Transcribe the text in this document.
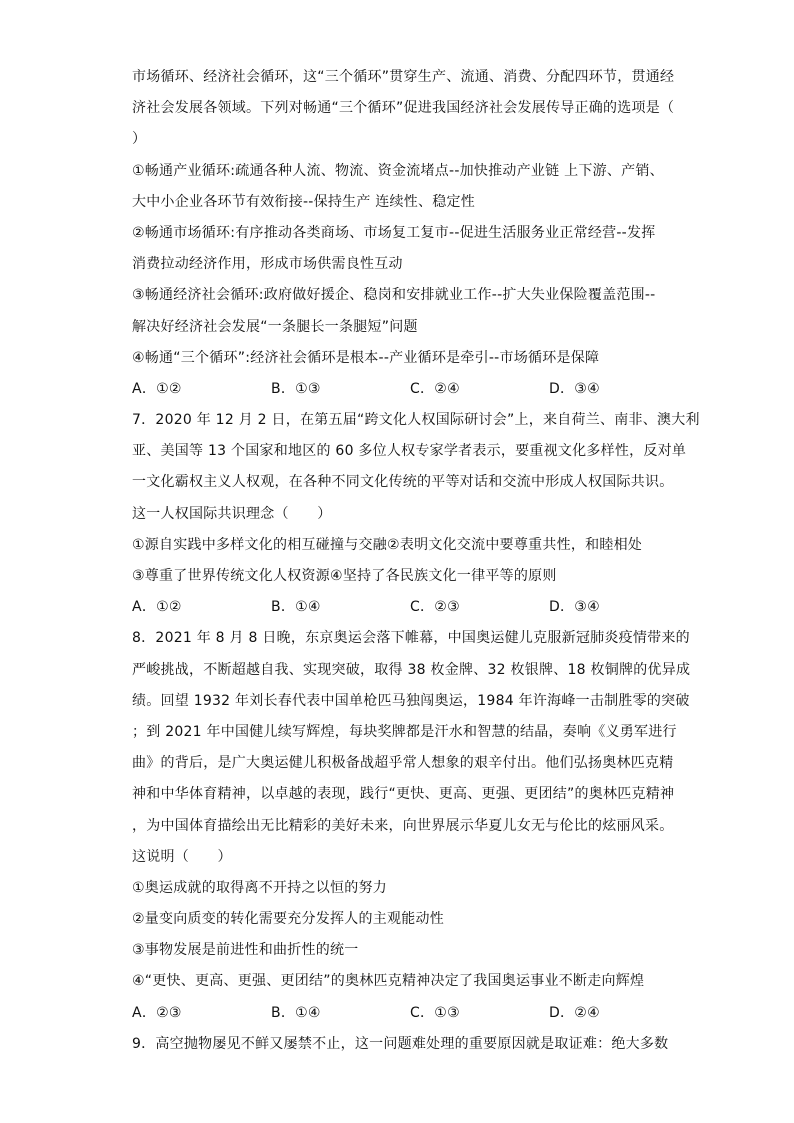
市场循环、经济社会循环，这“三个循环”贯穿生产、流通、消费、分配四环节，贯通经
济社会发展各领域。下列对畅通“三个循环”促进我国经济社会发展传导正确的选项是（
）
①畅通产业循环:疏通各种人流、物流、资金流堵点--加快推动产业链 上下游、产销、
大中小企业各环节有效衔接--保持生产 连续性、稳定性
②畅通市场循环:有序推动各类商场、市场复工复市--促进生活服务业正常经营--发挥
消费拉动经济作用，形成市场供需良性互动
③畅通经济社会循环:政府做好援企、稳岗和安排就业工作--扩大失业保险覆盖范围--
解决好经济社会发展“一条腿长一条腿短”问题
④畅通“三个循环”:经济社会循环是根本--产业循环是牵引--市场循环是保障
A．①②	B．①③	C．②④	D．③④
7．2020 年 12 月 2 日，在第五届“跨文化人权国际研讨会”上，来自荷兰、南非、澳大利
亚、美国等 13 个国家和地区的 60 多位人权专家学者表示，要重视文化多样性，反对单
一文化霸权主义人权观，在各种不同文化传统的平等对话和交流中形成人权国际共识。
这一人权国际共识理念（　　）
①源自实践中多样文化的相互碰撞与交融②表明文化交流中要尊重共性，和睦相处
③尊重了世界传统文化人权资源④坚持了各民族文化一律平等的原则
A．①②	B．①④	C．②③	D．③④
8．2021 年 8 月 8 日晚，东京奥运会落下帷幕，中国奥运健儿克服新冠肺炎疫情带来的
严峻挑战，不断超越自我、实现突破，取得 38 枚金牌、32 枚银牌、18 枚铜牌的优异成
绩。回望 1932 年刘长春代表中国单枪匹马独闯奥运，1984 年许海峰一击制胜零的突破
；到 2021 年中国健儿续写辉煌，每块奖牌都是汗水和智慧的结晶，奏响《义勇军进行
曲》的背后，是广大奥运健儿积极备战超乎常人想象的艰辛付出。他们弘扬奥林匹克精
神和中华体育精神，以卓越的表现，践行“更快、更高、更强、更团结”的奥林匹克精神
，为中国体育描绘出无比精彩的美好未来，向世界展示华夏儿女无与伦比的炫丽风采。
这说明（　　）
①奥运成就的取得离不开持之以恒的努力
②量变向质变的转化需要充分发挥人的主观能动性
③事物发展是前进性和曲折性的统一
④“更快、更高、更强、更团结”的奥林匹克精神决定了我国奥运事业不断走向辉煌
A．②③	B．①④	C．①③	D．②④
9．高空抛物屡见不鲜又屡禁不止，这一问题难处理的重要原因就是取证难：绝大多数
